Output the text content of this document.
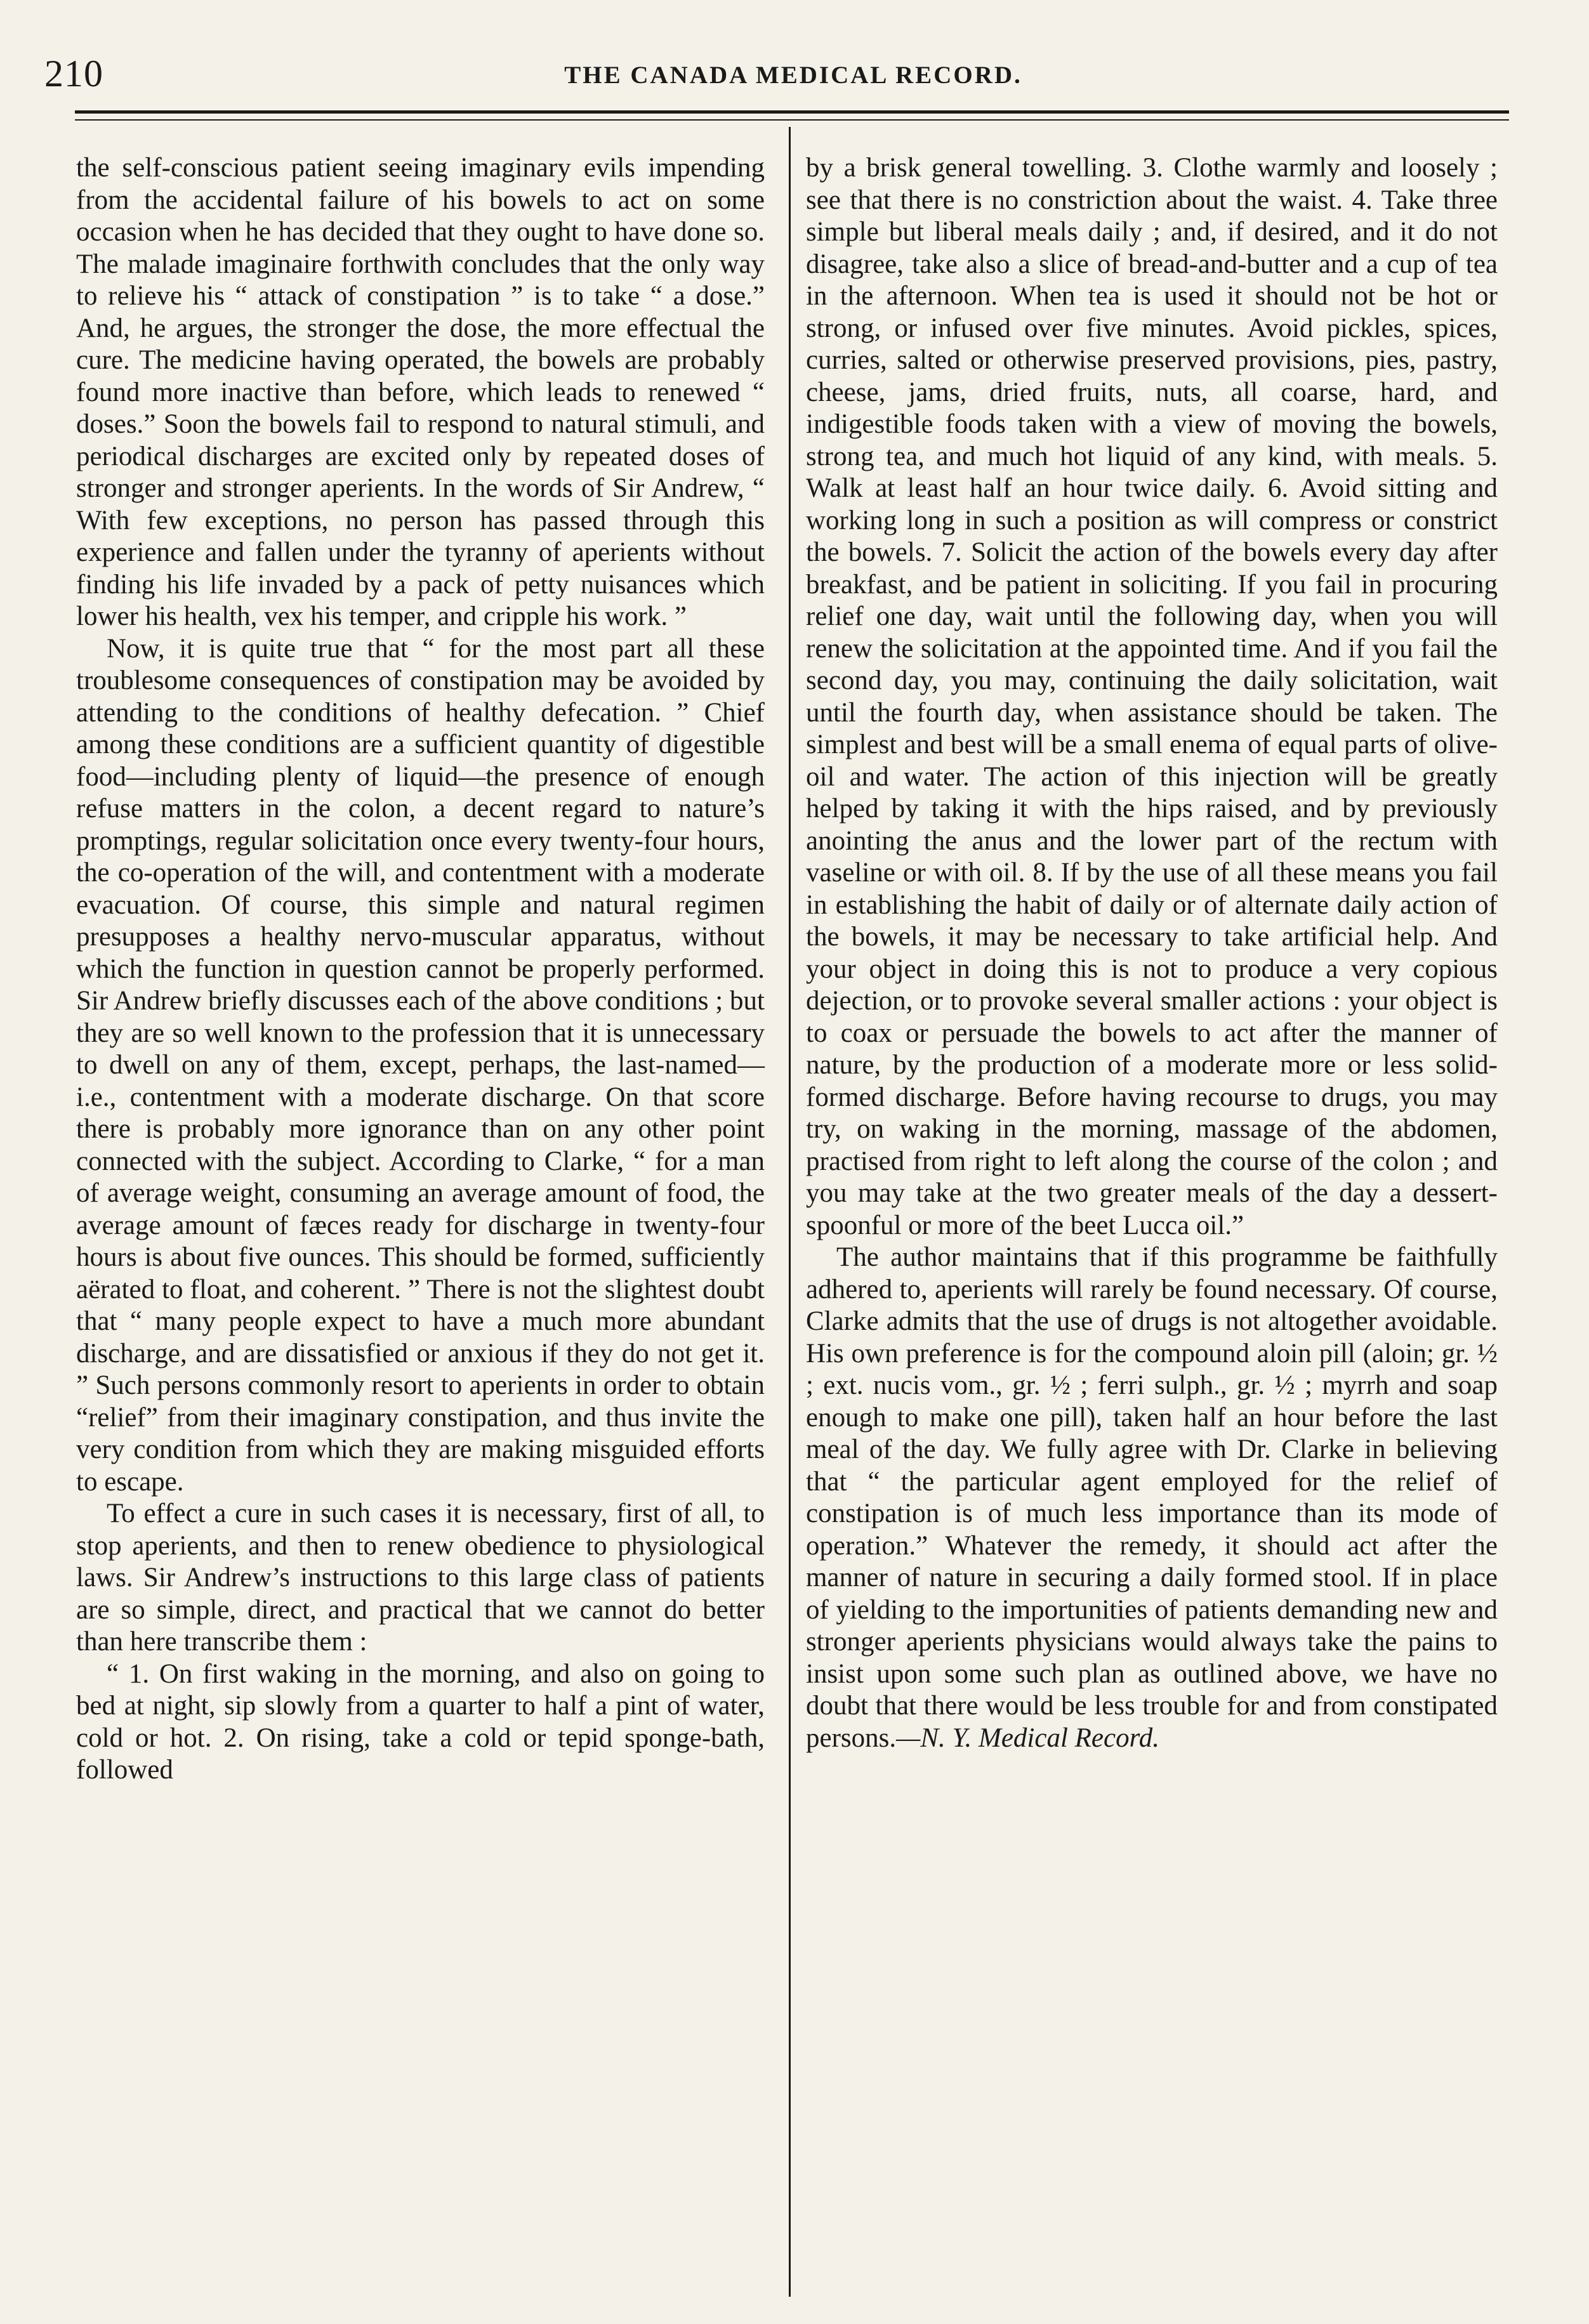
210	THE CANADA MEDICAL RECORD.

the self-conscious patient seeing imaginary evils impending from the accidental failure of his bowels to act on some occasion when he has decided that they ought to have done so. The malade imaginaire forthwith concludes that the only way to relieve his “ attack of constipation ” is to take “ a dose.” And, he argues, the stronger the dose, the more effectual the cure. The medicine having operated, the bowels are probably found more inactive than before, which leads to renewed “ doses.” Soon the bowels fail to respond to natural stimuli, and periodical discharges are excited only by repeated doses of stronger and stronger aperients. In the words of Sir Andrew, “ With few exceptions, no person has passed through this experience and fallen under the tyranny of aperients without finding his life invaded by a pack of petty nuisances which lower his health, vex his temper, and cripple his work. ”

Now, it is quite true that “ for the most part all these troublesome consequences of constipation may be avoided by attending to the conditions of healthy defecation. ” Chief among these conditions are a sufficient quantity of digestible food—including plenty of liquid—the presence of enough refuse matters in the colon, a decent regard to nature’s promptings, regular solicitation once every twenty-four hours, the co-operation of the will, and contentment with a moderate evacuation. Of course, this simple and natural regimen presupposes a healthy nervo-muscular apparatus, without which the function in question cannot be properly performed. Sir Andrew briefly discusses each of the above conditions ; but they are so well known to the profession that it is unnecessary to dwell on any of them, except, perhaps, the last-named— i.e., contentment with a moderate discharge. On that score there is probably more ignorance than on any other point connected with the subject. According to Clarke, “ for a man of average weight, consuming an average amount of food, the average amount of fæces ready for discharge in twenty-four hours is about five ounces. This should be formed, sufficiently aërated to float, and coherent. ” There is not the slightest doubt that “ many people expect to have a much more abundant discharge, and are dissatisfied or anxious if they do not get it. ” Such persons commonly resort to aperients in order to obtain “relief” from their imaginary constipation, and thus invite the very condition from which they are making misguided efforts to escape.

To effect a cure in such cases it is necessary, first of all, to stop aperients, and then to renew obedience to physiological laws. Sir Andrew’s instructions to this large class of patients are so simple, direct, and practical that we cannot do better than here transcribe them :

“ 1. On first waking in the morning, and also on going to bed at night, sip slowly from a quarter to half a pint of water, cold or hot. 2. On rising, take a cold or tepid sponge-bath, followed

by a brisk general towelling. 3. Clothe warmly and loosely ; see that there is no constriction about the waist. 4. Take three simple but liberal meals daily ; and, if desired, and it do not disagree, take also a slice of bread-and-butter and a cup of tea in the afternoon. When tea is used it should not be hot or strong, or infused over five minutes. Avoid pickles, spices, curries, salted or otherwise preserved provisions, pies, pastry, cheese, jams, dried fruits, nuts, all coarse, hard, and indigestible foods taken with a view of moving the bowels, strong tea, and much hot liquid of any kind, with meals. 5. Walk at least half an hour twice daily. 6. Avoid sitting and working long in such a position as will compress or constrict the bowels. 7. Solicit the action of the bowels every day after breakfast, and be patient in soliciting. If you fail in procuring relief one day, wait until the following day, when you will renew the solicitation at the appointed time. And if you fail the second day, you may, continuing the daily solicitation, wait until the fourth day, when assistance should be taken. The simplest and best will be a small enema of equal parts of olive-oil and water. The action of this injection will be greatly helped by taking it with the hips raised, and by previously anointing the anus and the lower part of the rectum with vaseline or with oil. 8. If by the use of all these means you fail in establishing the habit of daily or of alternate daily action of the bowels, it may be necessary to take artificial help. And your object in doing this is not to produce a very copious dejection, or to provoke several smaller actions : your object is to coax or persuade the bowels to act after the manner of nature, by the production of a moderate more or less solid-formed discharge. Before having recourse to drugs, you may try, on waking in the morning, massage of the abdomen, practised from right to left along the course of the colon ; and you may take at the two greater meals of the day a dessert-spoonful or more of the beet Lucca oil.”

The author maintains that if this programme be faithfully adhered to, aperients will rarely be found necessary. Of course, Clarke admits that the use of drugs is not altogether avoidable. His own preference is for the compound aloin pill (aloin; gr. ½ ; ext. nucis vom., gr. ½ ; ferri sulph., gr. ½ ; myrrh and soap enough to make one pill), taken half an hour before the last meal of the day. We fully agree with Dr. Clarke in believing that “ the particular agent employed for the relief of constipation is of much less importance than its mode of operation.” Whatever the remedy, it should act after the manner of nature in securing a daily formed stool. If in place of yielding to the importunities of patients demanding new and stronger aperients physicians would always take the pains to insist upon some such plan as outlined above, we have no doubt that there would be less trouble for and from constipated persons.—N. Y. Medical Record.
